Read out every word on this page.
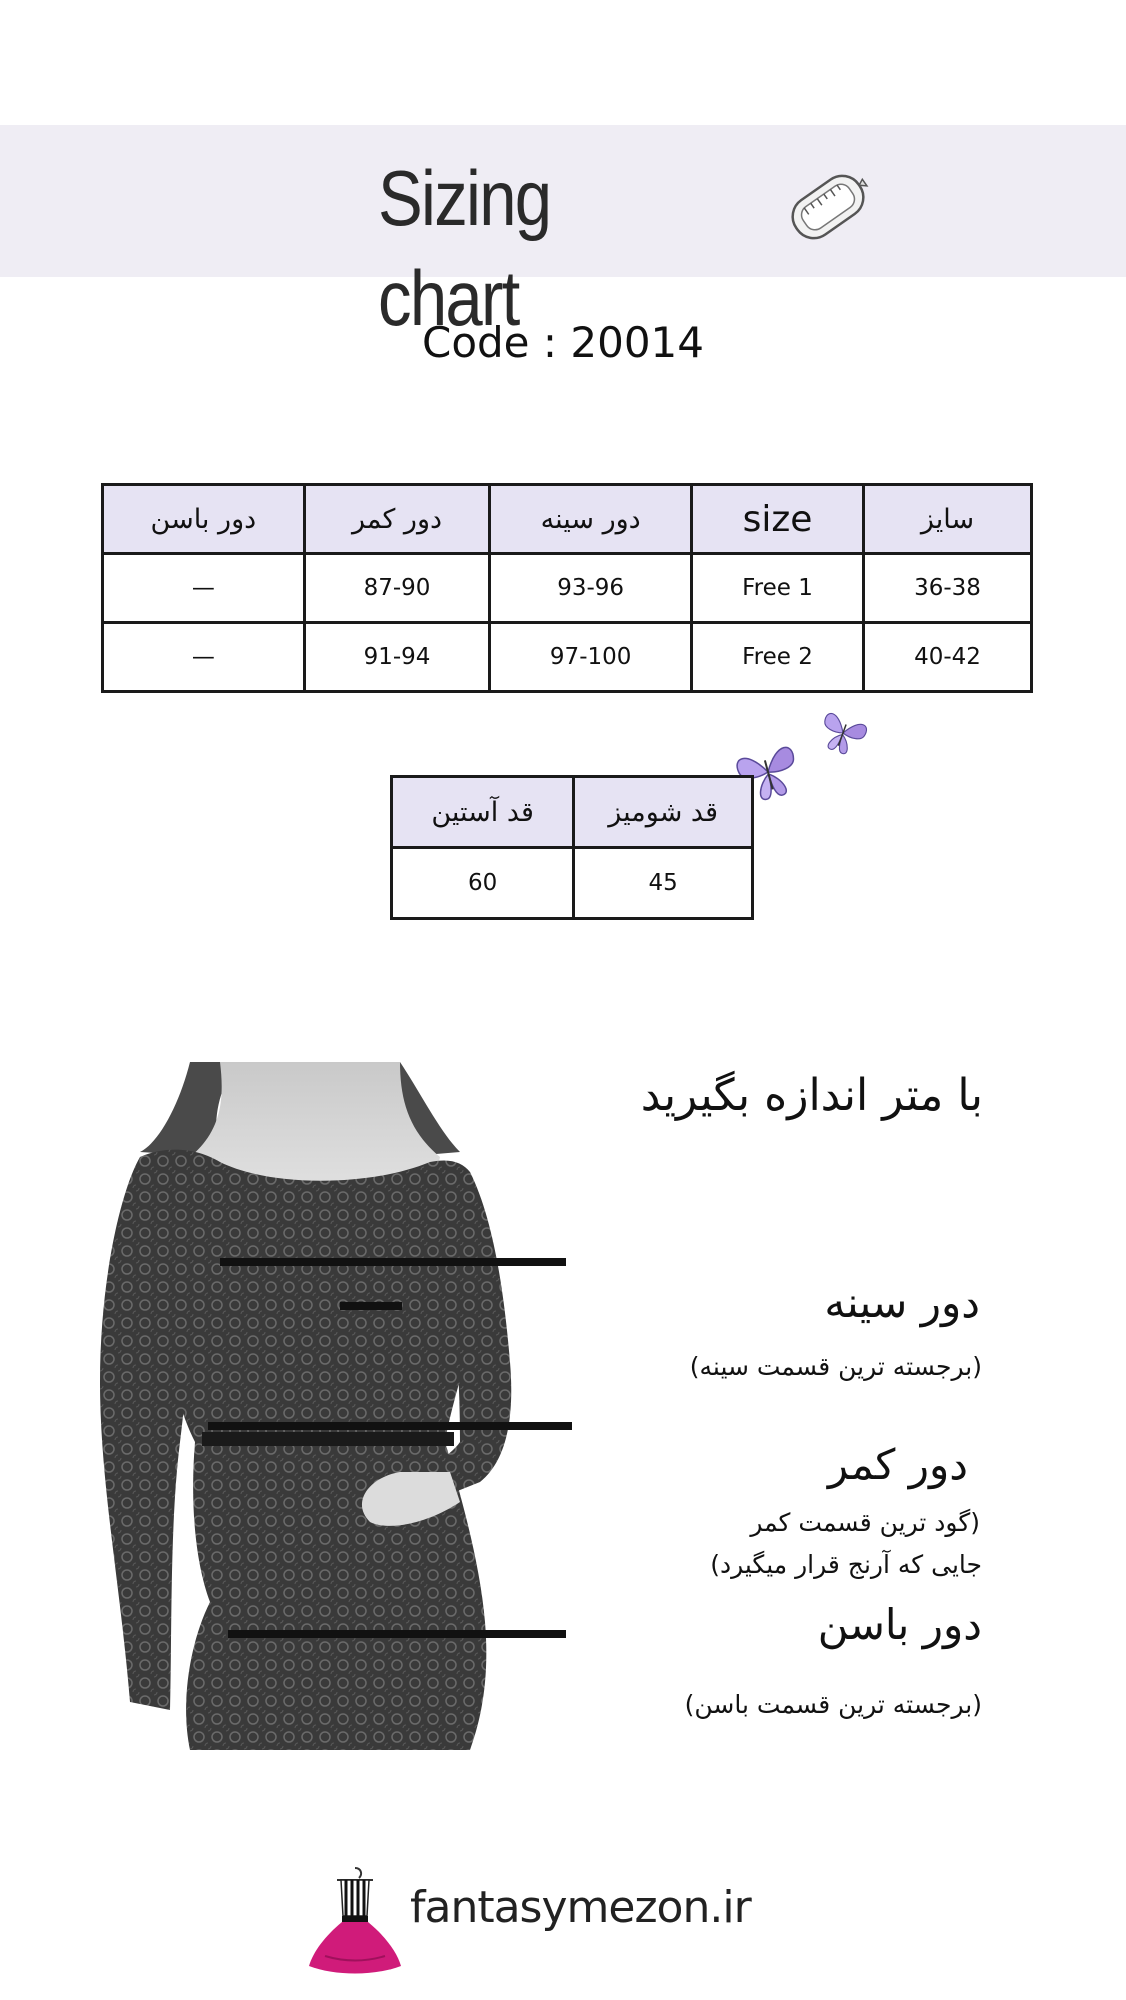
Sizing chart
Code : 20014
دور باسن	دور کمر	دور سینه	size	سایز
—	87-90	93-96	Free 1	36-38
—	91-94	97-100	Free 2	40-42
قد آستین	قد شومیز
60	45
با متر اندازه بگیرید
دور سینه
(برجسته ترین قسمت سینه)
دور کمر
(گود ترین قسمت کمر
جایی که آرنج قرار میگیرد)
دور باسن
(برجسته ترین قسمت باسن)
fantasymezon.ir
